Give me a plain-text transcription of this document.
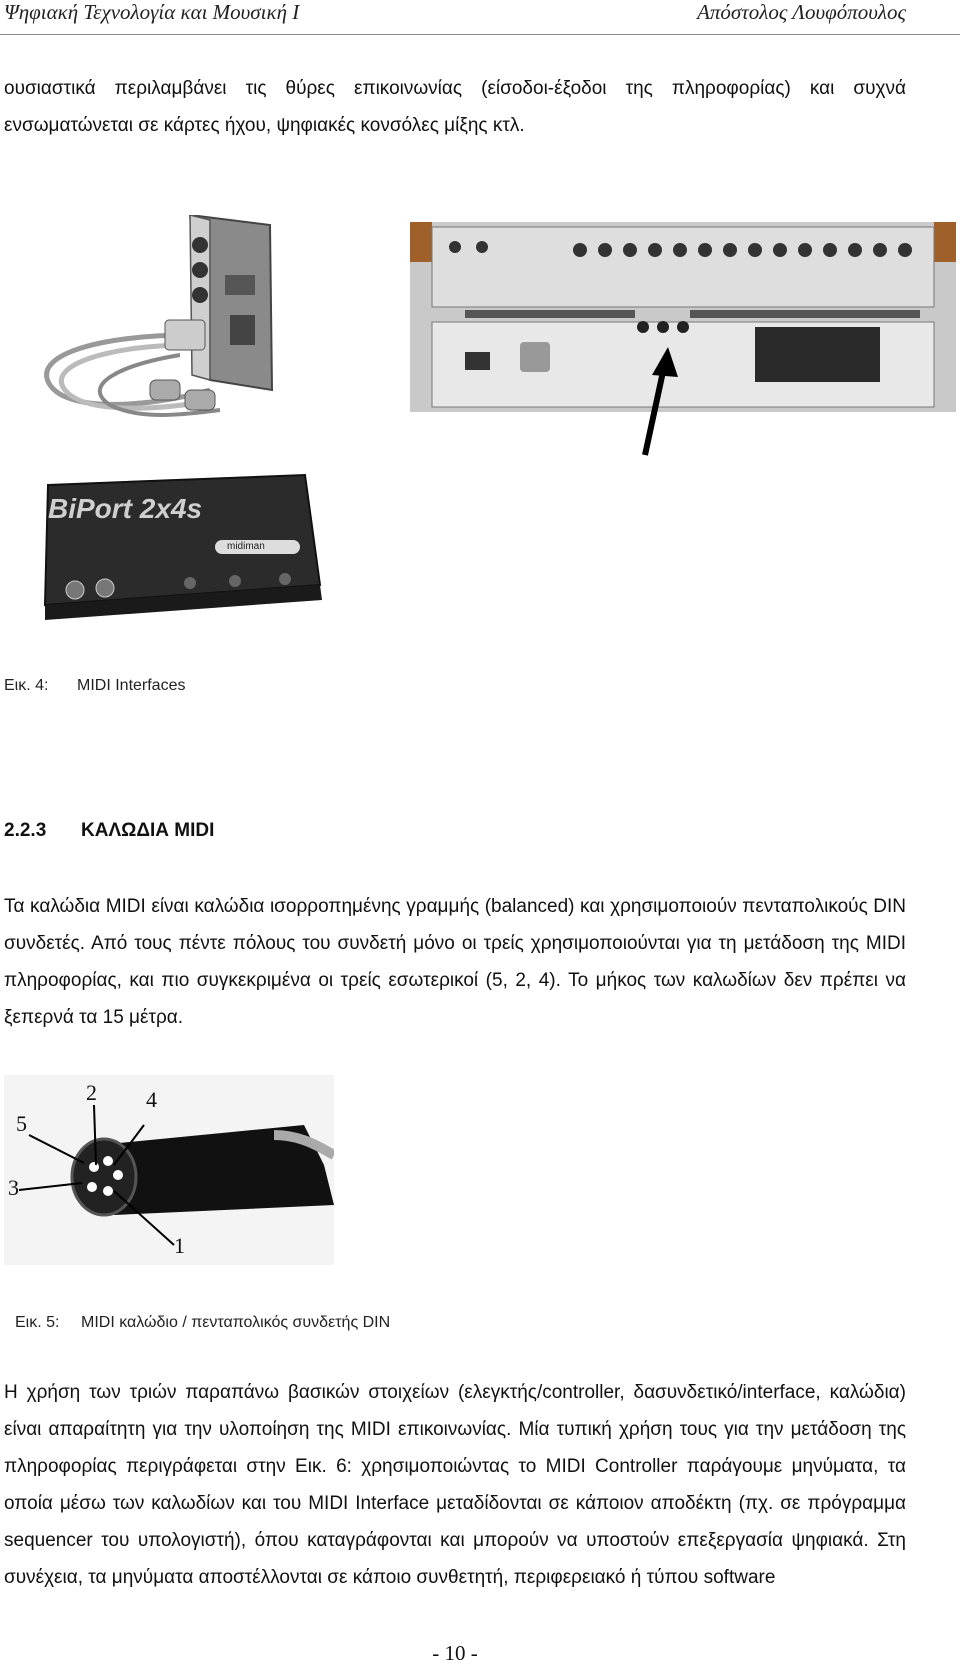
Ψηφιακή Τεχνολογία και Μουσική Ι	Απόστολος Λουφόπουλος

ουσιαστικά περιλαμβάνει τις θύρες επικοινωνίας (είσοδοι-έξοδοι της πληροφορίας) και συχνά ενσωματώνεται σε κάρτες ήχου, ψηφιακές κονσόλες μίξης κτλ.

BiPort 2x4s
midiman
Εικ. 4: MIDI Interfaces
2.2.3 ΚΑΛΩΔΙΑ MIDI

Τα καλώδια MIDI είναι καλώδια ισορροπημένης γραμμής (balanced) και χρησιμοποιούν πενταπολικούς DIN συνδετές. Από τους πέντε πόλους του συνδετή μόνο οι τρείς χρησιμοποιούνται για τη μετάδοση της MIDI πληροφορίας, και πιο συγκεκριμένα οι τρείς εσωτερικοί (5, 2, 4). Το μήκος των καλωδίων δεν πρέπει να ξεπερνά τα 15 μέτρα.

2 4
5
3
1
Εικ. 5: MIDI καλώδιο / πενταπολικός συνδετής DIN

Η χρήση των τριών παραπάνω βασικών στοιχείων (ελεγκτής/controller, δασυνδετικό/interface, καλώδια) είναι απαραίτητη για την υλοποίηση της MIDI επικοινωνίας. Μία τυπική χρήση τους για την μετάδοση της πληροφορίας περιγράφεται στην Εικ. 6: χρησιμοποιώντας το MIDI Controller παράγουμε μηνύματα, τα οποία μέσω των καλωδίων και του MIDI Interface μεταδίδονται σε κάποιον αποδέκτη (πχ. σε πρόγραμμα sequencer του υπολογιστή), όπου καταγράφονται και μπορούν να υποστούν επεξεργασία ψηφιακά. Στη συνέχεια, τα μηνύματα αποστέλλονται σε κάποιο συνθετητή, περιφερειακό ή τύπου software

- 10 -
